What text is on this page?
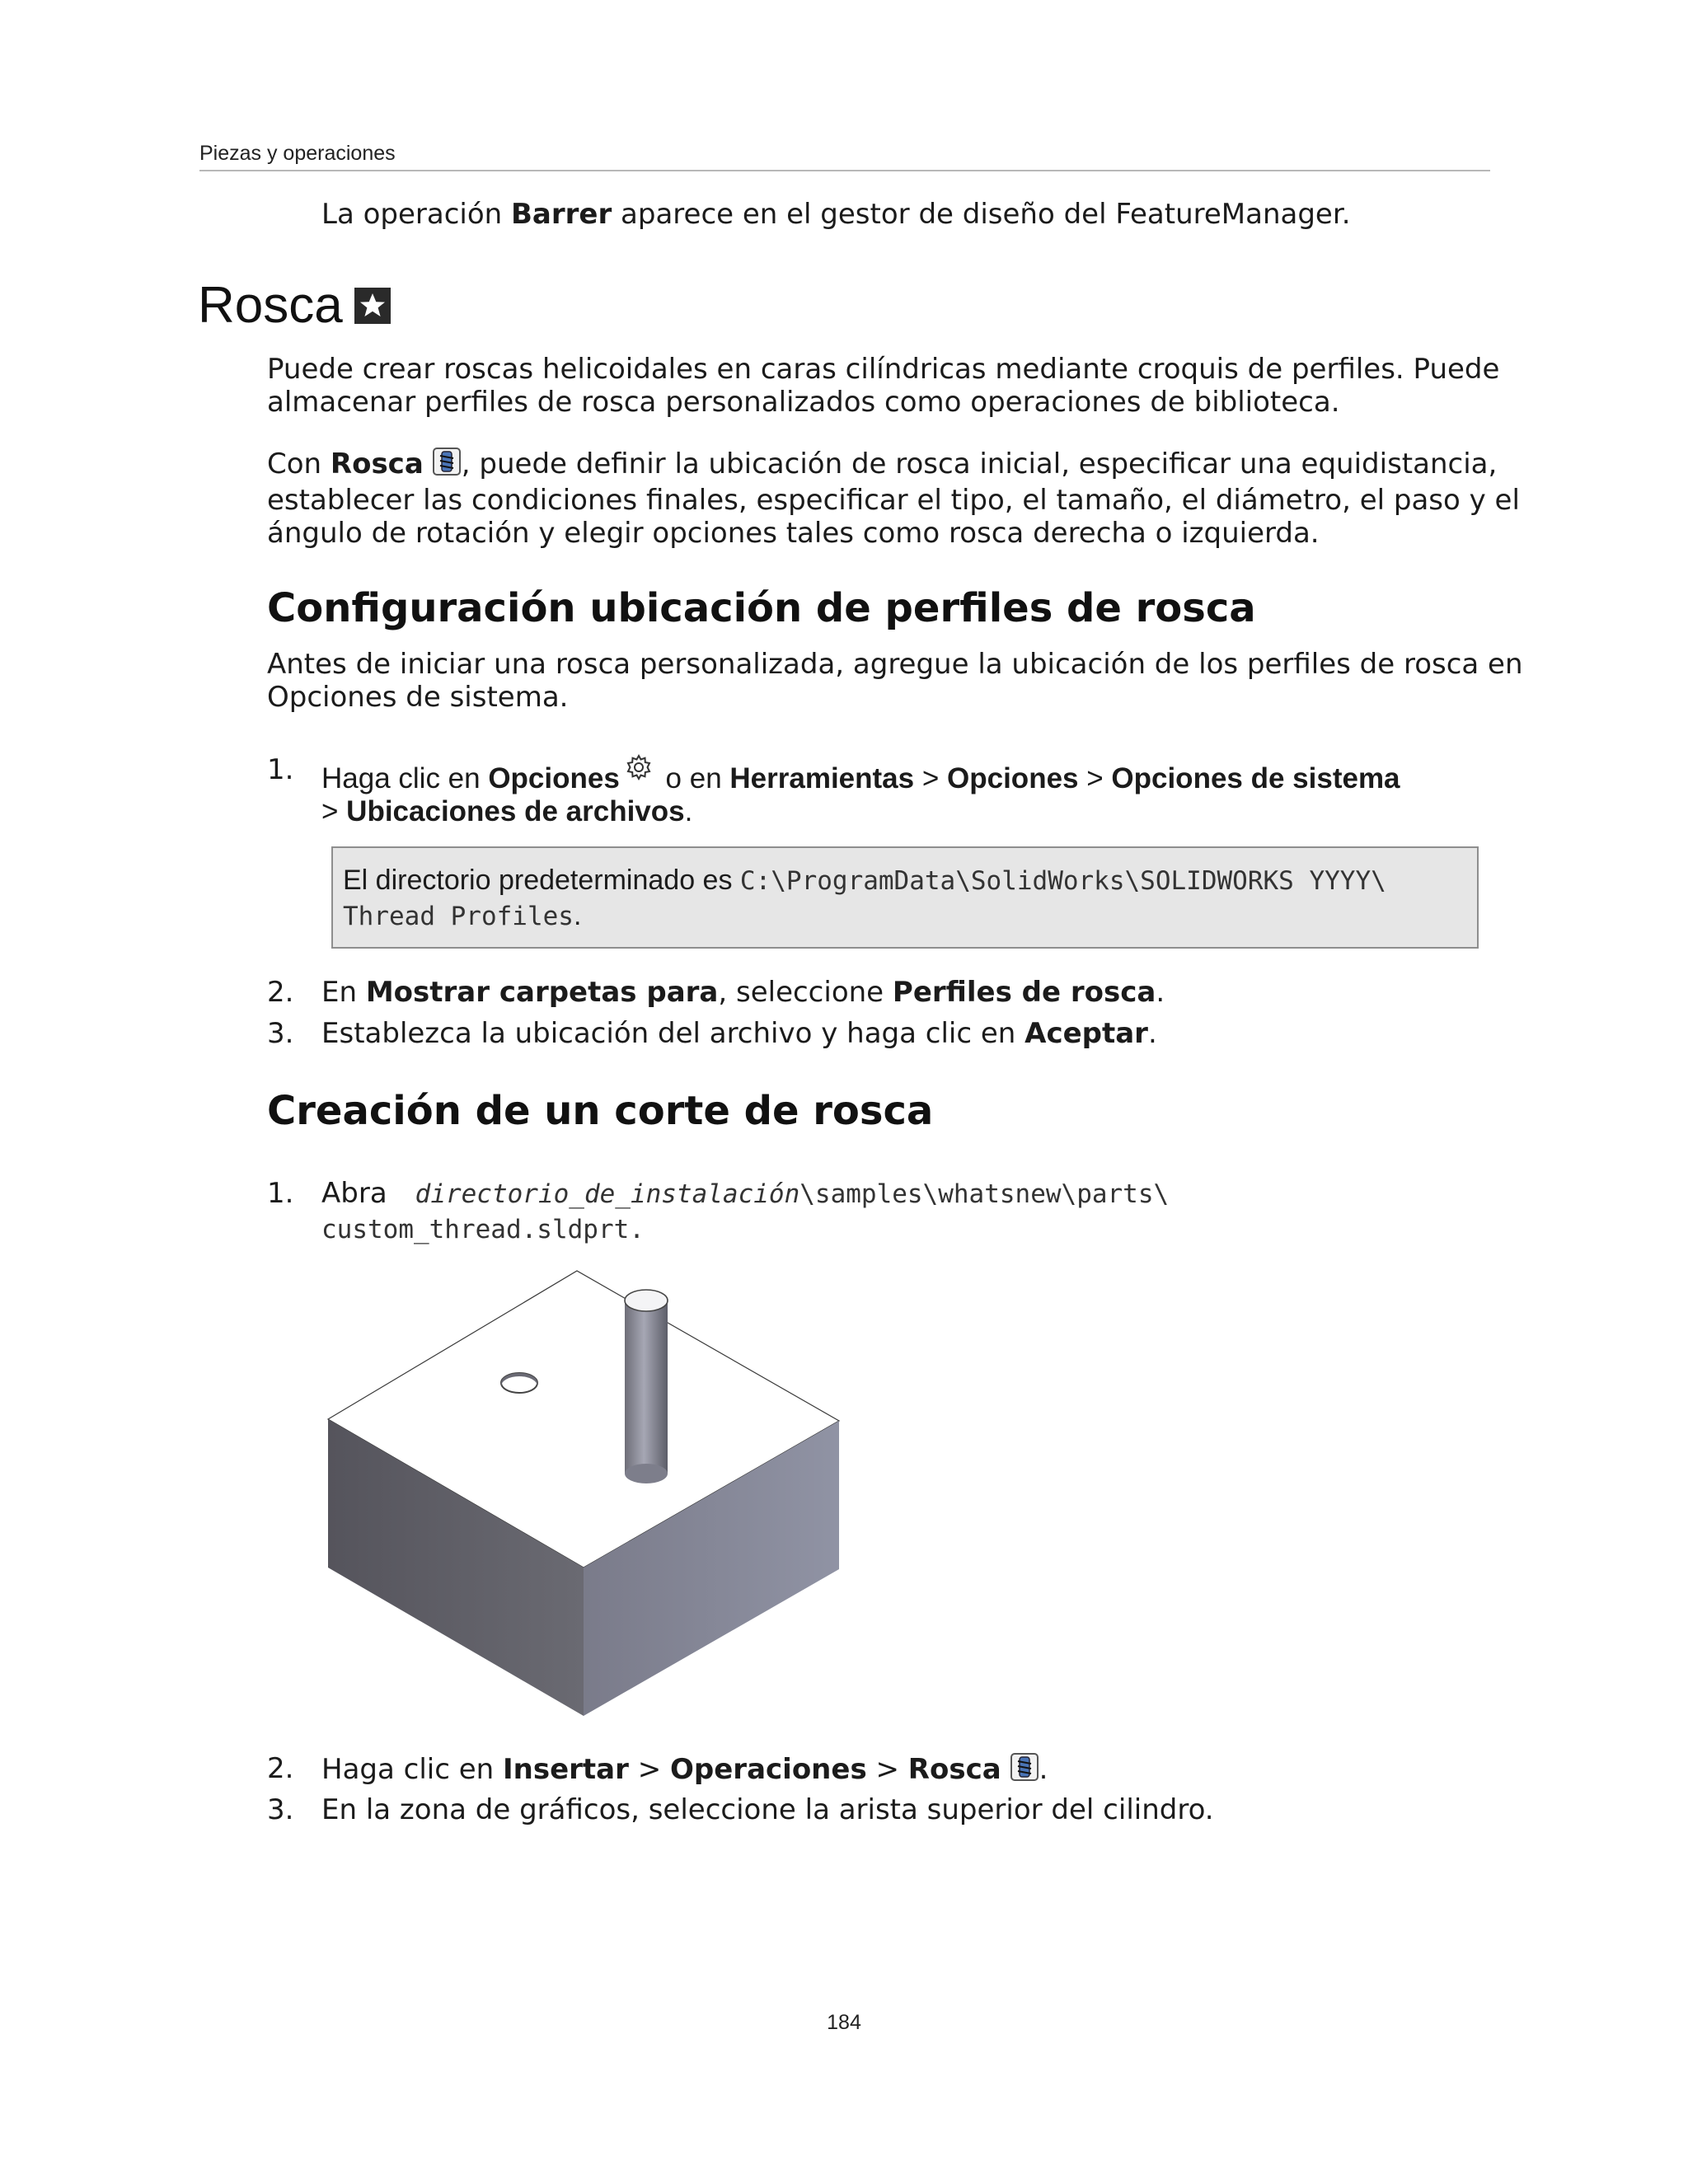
Piezas y operaciones
La operación Barrer aparece en el gestor de diseño del FeatureManager.
Rosca
Puede crear roscas helicoidales en caras cilíndricas mediante croquis de perfiles. Puede
almacenar perfiles de rosca personalizados como operaciones de biblioteca.
Con Rosca , puede definir la ubicación de rosca inicial, especificar una equidistancia,
establecer las condiciones finales, especificar el tipo, el tamaño, el diámetro, el paso y el
ángulo de rotación y elegir opciones tales como rosca derecha o izquierda.
Configuración ubicación de perfiles de rosca
Antes de iniciar una rosca personalizada, agregue la ubicación de los perfiles de rosca en
Opciones de sistema.
1. Haga clic en Opciones o en Herramientas > Opciones > Opciones de sistema
> Ubicaciones de archivos.
El directorio predeterminado es C:\ProgramData\SolidWorks\SOLIDWORKS YYYY\
Thread Profiles.
2. En Mostrar carpetas para, seleccione Perfiles de rosca.
3. Establezca la ubicación del archivo y haga clic en Aceptar.
Creación de un corte de rosca
1. Abra directorio_de_instalación\samples\whatsnew\parts\
custom_thread.sldprt.
2. Haga clic en Insertar > Operaciones > Rosca .
3. En la zona de gráficos, seleccione la arista superior del cilindro.
184
